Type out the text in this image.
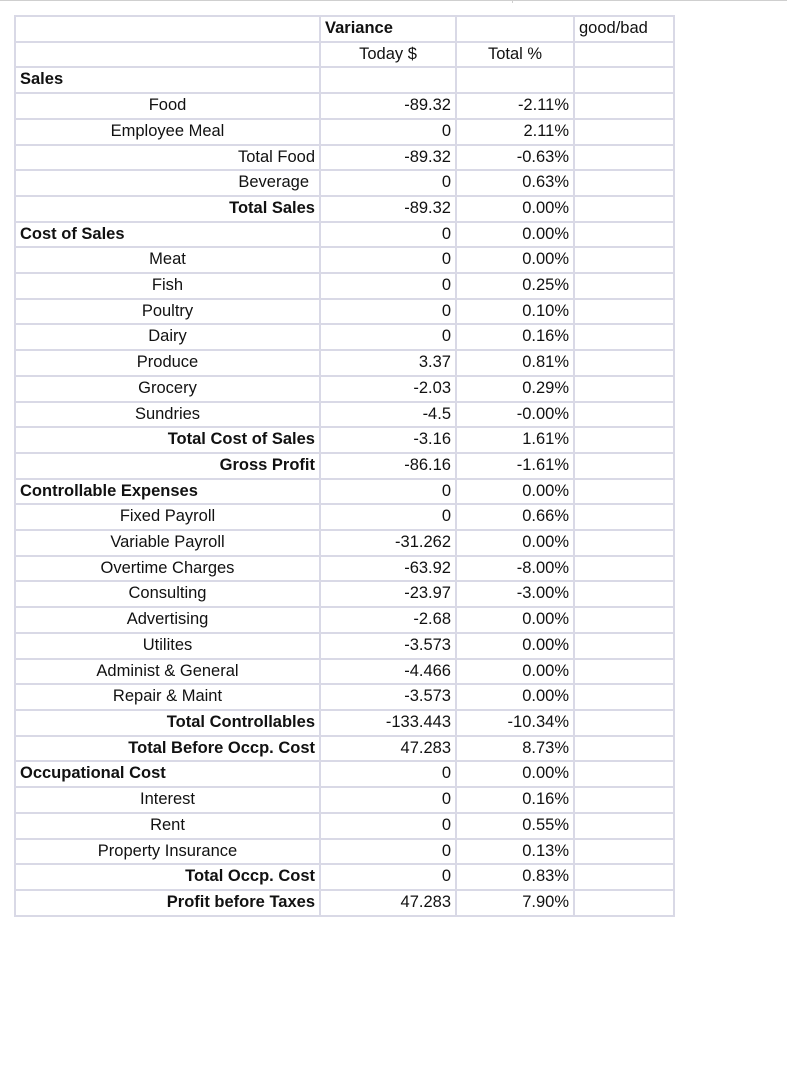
	Variance		good/bad
	Today $	Total %	
Sales			
Food	-89.32	-2.11%	
Employee Meal	0	2.11%	
Total Food	-89.32	-0.63%	
Beverage	0	0.63%	
Total Sales	-89.32	0.00%	
Cost of Sales	0	0.00%	
Meat	0	0.00%	
Fish	0	0.25%	
Poultry	0	0.10%	
Dairy	0	0.16%	
Produce	3.37	0.81%	
Grocery	-2.03	0.29%	
Sundries	-4.5	-0.00%	
Total Cost of Sales	-3.16	1.61%	
Gross Profit	-86.16	-1.61%	
Controllable Expenses	0	0.00%	
Fixed Payroll	0	0.66%	
Variable Payroll	-31.262	0.00%	
Overtime Charges	-63.92	-8.00%	
Consulting	-23.97	-3.00%	
Advertising	-2.68	0.00%	
Utilites	-3.573	0.00%	
Administ & General	-4.466	0.00%	
Repair & Maint	-3.573	0.00%	
Total Controllables	-133.443	-10.34%	
Total Before Occp. Cost	47.283	8.73%	
Occupational Cost	0	0.00%	
Interest	0	0.16%	
Rent	0	0.55%	
Property Insurance	0	0.13%	
Total Occp. Cost	0	0.83%	
Profit before Taxes	47.283	7.90%	
